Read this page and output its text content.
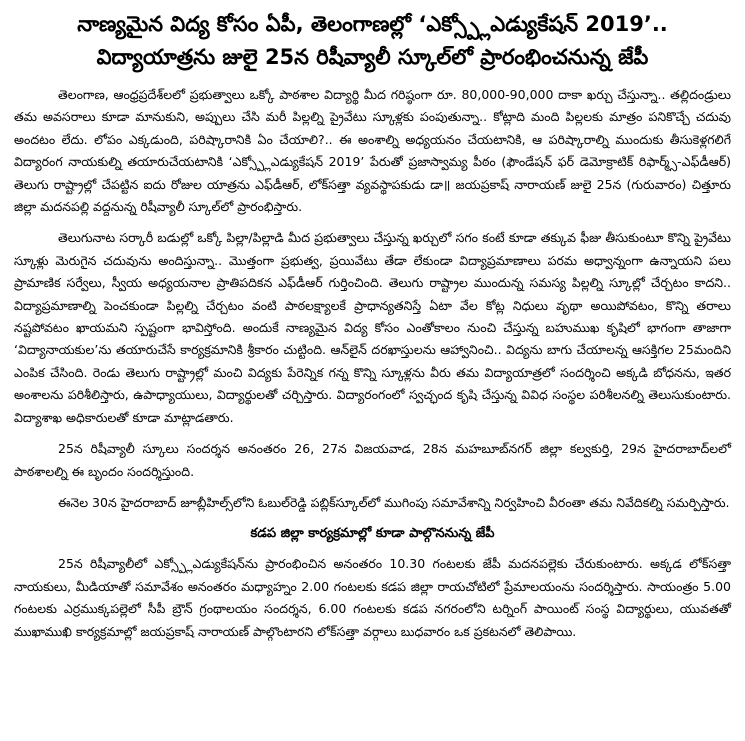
నాణ్యమైన విద్య కోసం ఏపీ, తెలంగాణల్లో ‘ఎక్స్ప్లోఎడ్యుకేషన్ 2019’..
విద్యాయాత్రను జులై 25న రిషీవ్యాలీ స్కూల్‌లో ప్రారంభించనున్న జేపీ

తెలంగాణ, ఆంధ్రప్రదేశ్‌లలో ప్రభుత్వాలు ఒక్కో పాఠశాల విద్యార్థి మీద గరిష్ఠంగా రూ. 80,000-90,000 దాకా ఖర్చు చేస్తున్నా.. తల్లిదండ్రులు తమ అవసరాలు కూడా మానుకుని, అప్పులు చేసి మరీ పిల్లల్ని ప్రైవేటు స్కూళ్లకు పంపుతున్నా.. కోట్లాది మంది పిల్లలకు మాత్రం పనికొచ్చే చదువు అందటం లేదు. లోపం ఎక్కడుంది, పరిష్కారానికి ఏం చేయాలి?.. ఈ అంశాల్ని అధ్యయనం చేయటానికి, ఆ పరిష్కారాల్ని ముందుకు తీసుకెళ్లగలిగే విద్యారంగ నాయకుల్ని తయారుచేయటానికి ‘ఎక్స్ప్లోఎడ్యుకేషన్ 2019’ పేరుతో ప్రజాస్వామ్య పీఠం (ఫౌండేషన్ ఫర్ డెమోక్రాటిక్ రిఫార్మ్స్-ఎఫ్‌డీఆర్) తెలుగు రాష్ట్రాల్లో చేపట్టిన ఐదు రోజుల యాత్రను ఎఫ్‌డీఆర్, లోక్‌సత్తా వ్యవస్థాపకుడు డా॥ జయప్రకాష్ నారాయణ్ జులై 25న (గురువారం) చిత్తూరు జిల్లా మదనపల్లి వద్దనున్న రిషీవ్యాలీ స్కూల్‌లో ప్రారంభిస్తారు.

తెలుగునాట సర్కారీ బడుల్లో ఒక్కో పిల్లా/పిల్లాడి మీద ప్రభుత్వాలు చేస్తున్న ఖర్చులో సగం కంటే కూడా తక్కువ ఫీజు తీసుకుంటూ కొన్ని ప్రైవేటు స్కూళ్లు మెరుగైన చదువును అందిస్తున్నా.. మొత్తంగా ప్రభుత్వ, ప్రయివేటు తేడా లేకుండా విద్యాప్రమాణాలు పరమ అధ్వాన్నంగా ఉన్నాయని పలు ప్రామాణిక సర్వేలు, స్వీయ అధ్యయనాల ప్రాతిపదికన ఎఫ్‌డీఆర్ గుర్తించింది. తెలుగు రాష్ట్రాల ముందున్న సమస్య పిల్లల్ని స్కూల్లో చేర్చటం కాదని.. విద్యాప్రమాణాల్ని పెంచకుండా పిల్లల్ని చేర్చటం వంటి పాఠలక్ష్యాలకే ప్రాధాన్యతనిస్తే ఏటా వేల కోట్ల నిధులు వృథా అయిపోవటం, కొన్ని తరాలు నష్టపోవటం ఖాయమని స్పష్టంగా భావిస్తోంది. అందుకే నాణ్యమైన విద్య కోసం ఎంతోకాలం నుంచి చేస్తున్న బహుముఖ కృషిలో భాగంగా తాజాగా ‘విద్యానాయకుల’ను తయారుచేసే కార్యక్రమానికి శ్రీకారం చుట్టింది. ఆన్‌లైన్ దరఖాస్తులను ఆహ్వానించి.. విద్యను బాగు చేయాలన్న ఆసక్తిగల 25మందిని ఎంపిక చేసింది. రెండు తెలుగు రాష్ట్రాల్లో మంచి విద్యకు పేరెన్నిక గన్న కొన్ని స్కూళ్లను వీరు తమ విద్యాయాత్రలో సందర్శించి అక్కడి బోధనను, ఇతర అంశాలను పరిశీలిస్తారు, ఉపాధ్యాయులు, విద్యార్థులతో చర్చిస్తారు. విద్యారంగంలో స్వచ్ఛంద కృషి చేస్తున్న వివిధ సంస్థల పరిశీలనల్ని తెలుసుకుంటారు. విద్యాశాఖ అధికారులతో కూడా మాట్లాడతారు.

25న రిషీవ్యాలీ స్కూలు సందర్శన అనంతరం 26, 27న విజయవాడ, 28న మహబూబ్‌నగర్ జిల్లా కల్వకుర్తి, 29న హైదరాబాద్‌లలో పాఠశాలల్ని ఈ బృందం సందర్శిస్తుంది.

ఈనెల 30న హైదరాబాద్ జూబ్లీహిల్స్‌లోని ఓబుల్‌రెడ్డి పబ్లిక్‌స్కూల్‌లో ముగింపు సమావేశాన్ని నిర్వహించి వీరంతా తమ నివేదికల్ని సమర్పిస్తారు.

కడప జిల్లా కార్యక్రమాల్లో కూడా పాల్గొననున్న జేపీ

25న రిషీవ్యాలీలో ఎక్స్ప్లోఎడ్యుకేషన్‌ను ప్రారంభించిన అనంతరం 10.30 గంటలకు జేపీ మదనపల్లెకు చేరుకుంటారు. అక్కడ లోక్‌సత్తా నాయకులు, మీడియాతో సమావేశం అనంతరం మధ్యాహ్నం 2.00 గంటలకు కడప జిల్లా రాయచోటిలో ప్రేమాలయంను సందర్శిస్తారు. సాయంత్రం 5.00 గంటలకు ఎర్రముక్కపల్లెలో సీపీ బ్రౌన్ గ్రంథాలయం సందర్శన, 6.00 గంటలకు కడప నగరంలోని టర్నింగ్ పాయింట్ సంస్థ విద్యార్థులు, యువతతో ముఖాముఖి కార్యక్రమాల్లో జయప్రకాష్ నారాయణ్ పాల్గొంటారని లోక్‌సత్తా వర్గాలు బుధవారం ఒక ప్రకటనలో తెలిపాయి.
